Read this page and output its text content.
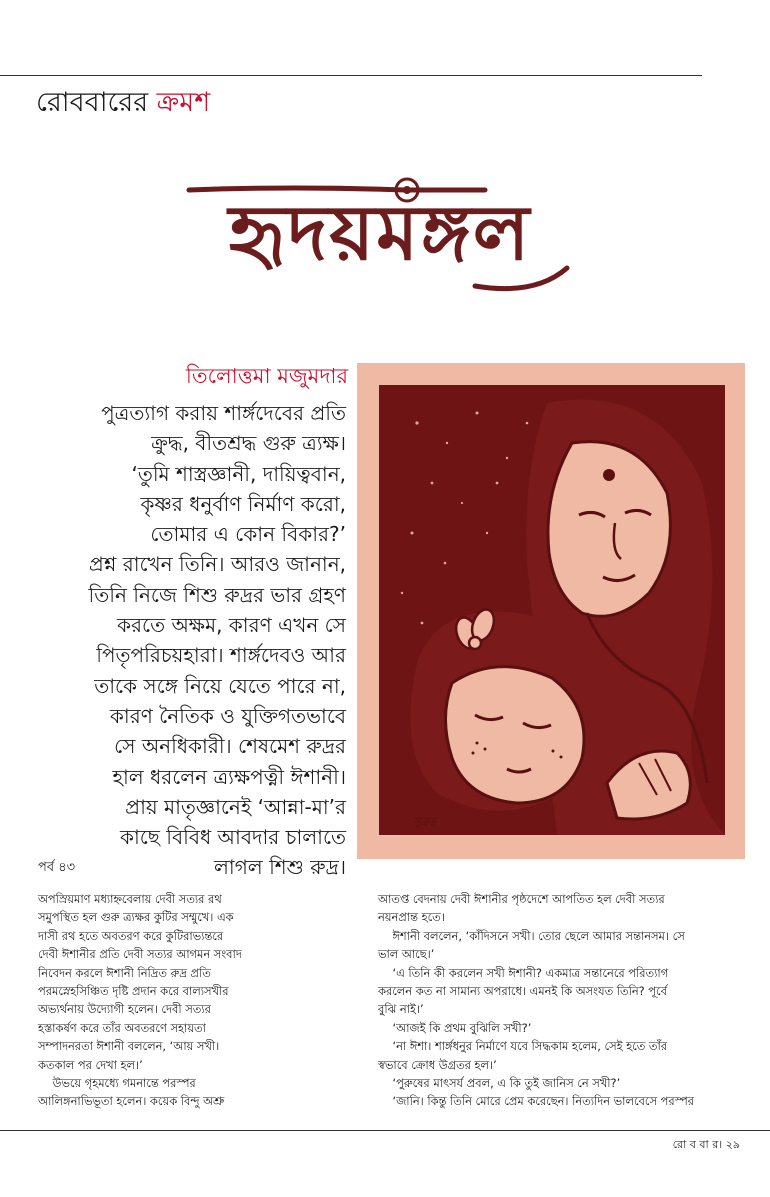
রোববারের ক্রমশ
হৃদয়মঙ্গল
তিলোত্তমা মজুমদার
পুত্রত্যাগ করায় শার্ঙ্গদেবের প্রতি
ক্রুদ্ধ, বীতশ্রদ্ধ গুরু ত্র্যক্ষ।
‘তুমি শাস্ত্রজ্ঞানী, দায়িত্ববান,
কৃষ্ণর ধনুর্বাণ নির্মাণ করো,
তোমার এ কোন বিকার?’
প্রশ্ন রাখেন তিনি। আরও জানান,
তিনি নিজে শিশু রুদ্রর ভার গ্রহণ
করতে অক্ষম, কারণ এখন সে
পিতৃপরিচয়হারা। শার্ঙ্গদেবও আর
তাকে সঙ্গে নিয়ে যেতে পারে না,
কারণ নৈতিক ও যুক্তিগতভাবে
সে অনধিকারী। শেষমেশ রুদ্রর
হাল ধরলেন ত্র্যক্ষপত্নী ঈশানী।
প্রায় মাতৃজ্ঞানেই ‘আন্না-মা’র
কাছে বিবিধ আবদার চালাতে
লাগল শিশু রুদ্র।
সুব্রত
পর্ব ৪৩
অপস্রিয়মাণ মধ্যাহ্নবেলায় দেবী সত্যর রথ
সমুপস্থিত হল গুরু ত্র্যক্ষর কুটির সম্মুখে। এক
দাসী রথ হতে অবতরণ করে কুটিরাভ্যন্তরে
দেবী ঈশানীর প্রতি দেবী সত্যর আগমন সংবাদ
নিবেদন করলে ঈশানী নিদ্রিত রুদ্র প্রতি
পরমস্নেহসিঞ্চিত দৃষ্টি প্রদান করে বাল্যসখীর
অভ্যর্থনায় উদ্যোগী হলেন। দেবী সত্যর
হস্তাকর্ষণ করে তাঁর অবতরণে সহায়তা
সম্পাদনরতা ঈশানী বললেন, ‘আয় সখী।
কতকাল পর দেখা হল।’
উভয়ে গৃহমধ্যে গমনান্তে পরস্পর
আলিঙ্গনাভিভূতা হলেন। কয়েক বিন্দু অশ্রু
আতপ্ত বেদনায় দেবী ঈশানীর পৃষ্ঠদেশে আপতিত হল দেবী সত্যর
নয়নপ্রান্ত হতে।
ঈশানী বললেন, ‘কাঁদিসনে সখী। তোর ছেলে আমার সন্তানসম। সে
ভাল আছে।’
‘এ তিনি কী করলেন সখী ঈশানী? একমাত্র সন্তানেরে পরিত্যাগ
করলেন কত না সামান্য অপরাধে। এমনই কি অসংযত তিনি? পূর্বে
বুঝি নাই।’
‘আজই কি প্রথম বুঝিলি সখী?’
‘না ঈশা। শার্ঙ্গধনুর নির্মাণে যবে সিদ্ধকাম হলেম, সেই হতে তাঁর
স্বভাবে ক্রোধ উগ্রতর হল।’
‘পুরুষের মাৎসর্য প্রবল, এ কি তুই জানিস নে সখী?’
‘জানি। কিন্তু তিনি মোরে প্রেম করেছেন। নিত্যদিন ভালবেসে পরস্পর
রো ব বা র। ২৯
